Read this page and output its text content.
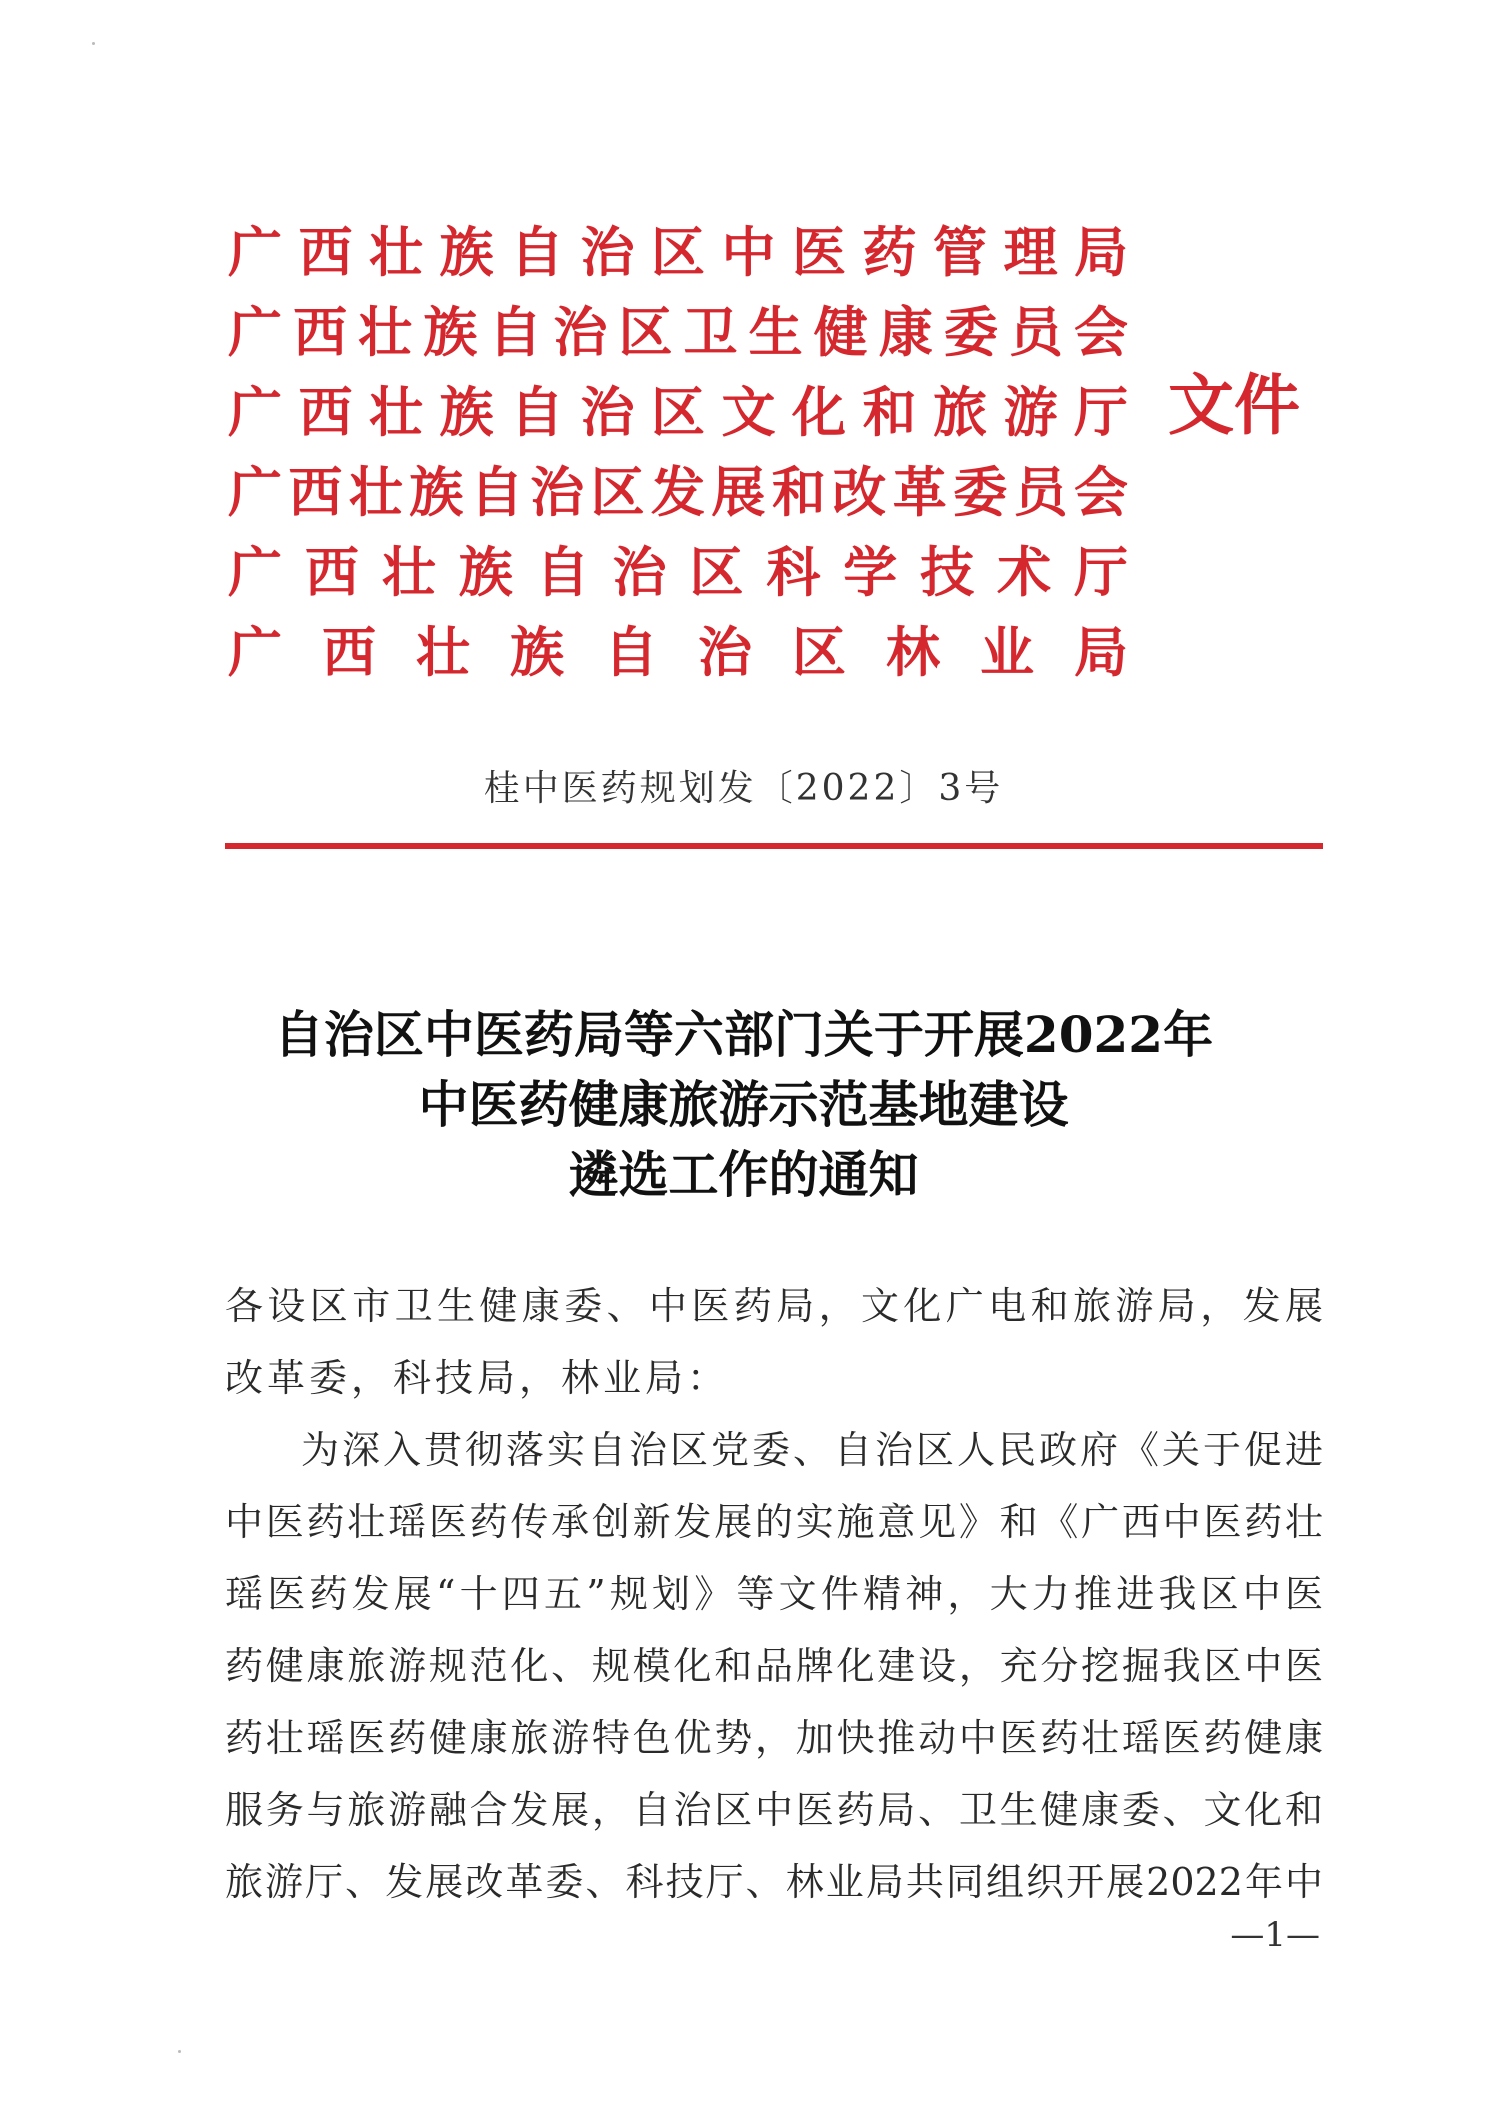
广西壮族自治区中医药管理局
广西壮族自治区卫生健康委员会
广西壮族自治区文化和旅游厅
广西壮族自治区发展和改革委员会
广西壮族自治区科学技术厅
广西壮族自治区林业局
文件
桂中医药规划发〔2022〕3号
自治区中医药局等六部门关于开展2022年
中医药健康旅游示范基地建设
遴选工作的通知
各设区市卫生健康委、中医药局，文化广电和旅游局，发展
改革委，科技局，林业局：
为深入贯彻落实自治区党委、自治区人民政府《关于促进
中医药壮瑶医药传承创新发展的实施意见》和《广西中医药壮
瑶医药发展“十四五”规划》等文件精神，大力推进我区中医
药健康旅游规范化、规模化和品牌化建设，充分挖掘我区中医
药壮瑶医药健康旅游特色优势，加快推动中医药壮瑶医药健康
服务与旅游融合发展，自治区中医药局、卫生健康委、文化和
旅游厅、发展改革委、科技厅、林业局共同组织开展2022年中
—1—
